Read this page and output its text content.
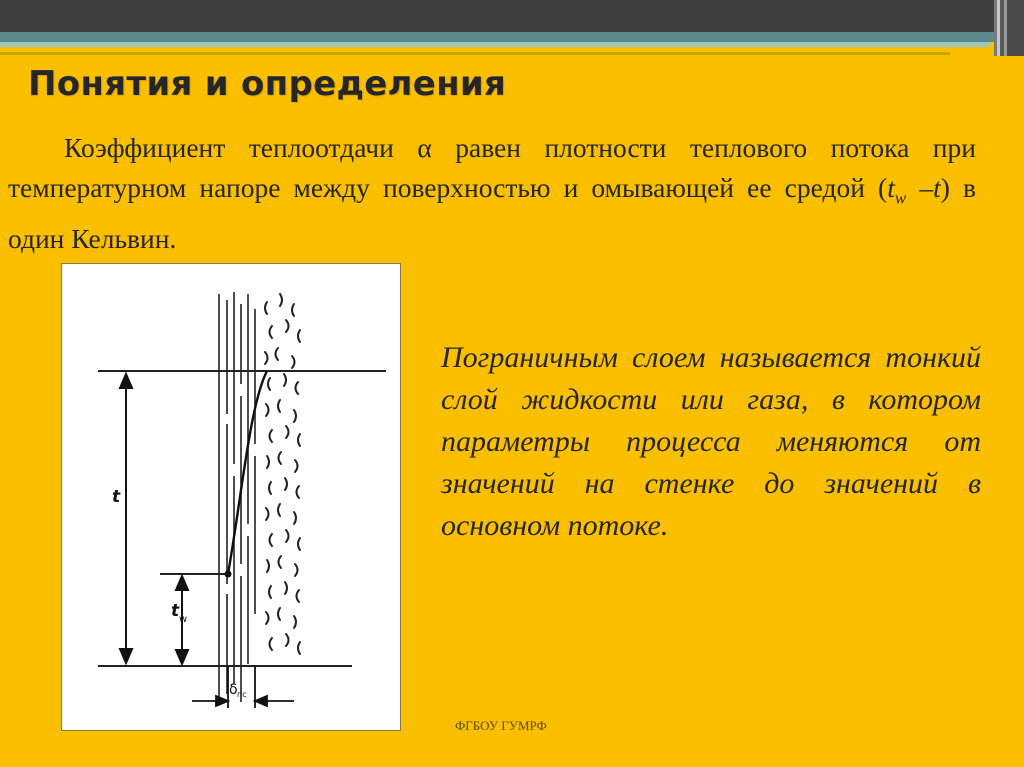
Понятия и определения
Коэффициент теплоотдачи α равен плотности теплового потока при температурном напоре между поверхностью и омывающей ее средой ($t_w$ –t) в один Кельвин.
t
t w
δ пс
Пограничным слоем называется тонкий слой жидкости или газа, в котором параметры процесса меняются от значений на стенке до значений в основном потоке.
ФГБОУ ГУМРФ
